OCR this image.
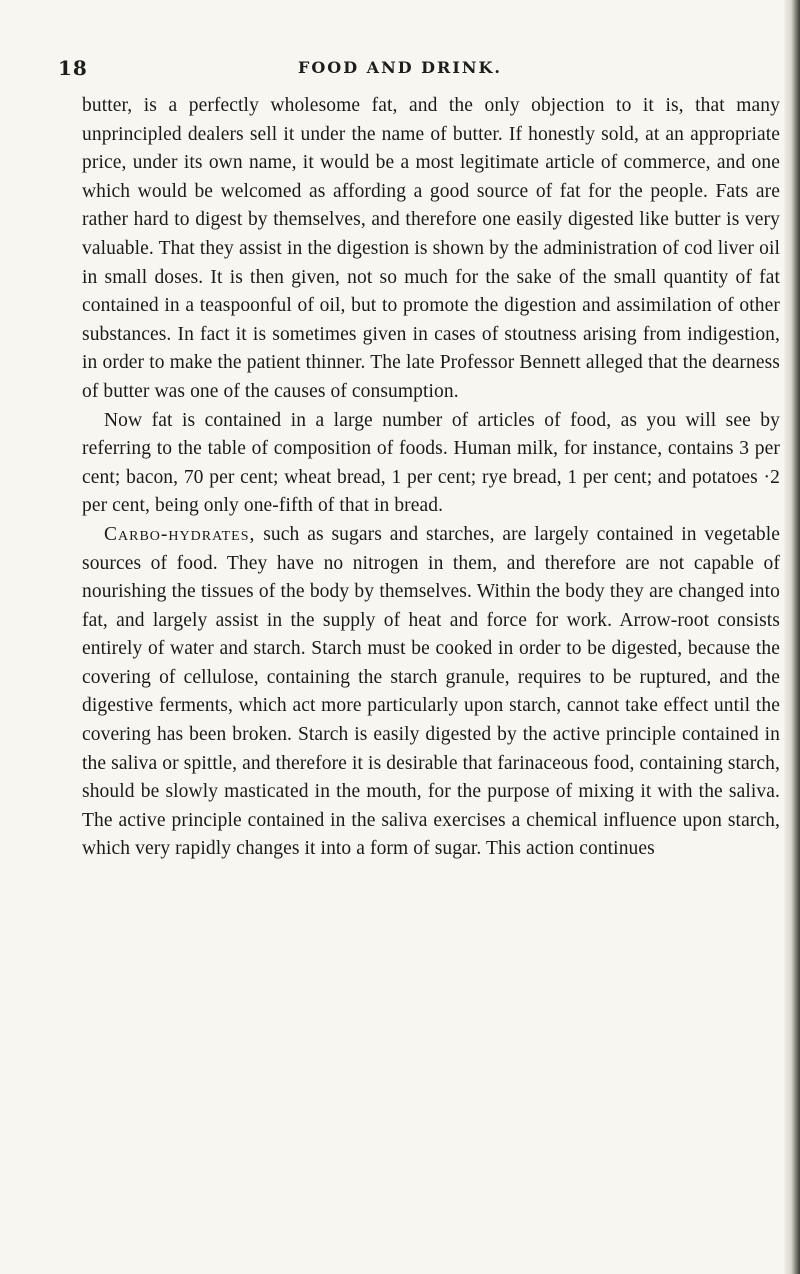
18	FOOD AND DRINK.

butter, is a perfectly wholesome fat, and the only objection to it is, that many unprincipled dealers sell it under the name of butter. If honestly sold, at an appropriate price, under its own name, it would be a most legitimate article of commerce, and one which would be welcomed as affording a good source of fat for the people. Fats are rather hard to digest by themselves, and therefore one easily digested like butter is very valuable. That they assist in the digestion is shown by the administration of cod liver oil in small doses. It is then given, not so much for the sake of the small quantity of fat contained in a teaspoonful of oil, but to promote the digestion and assimilation of other substances. In fact it is sometimes given in cases of stoutness arising from indigestion, in order to make the patient thinner. The late Professor Bennett alleged that the dearness of butter was one of the causes of consumption.

Now fat is contained in a large number of articles of food, as you will see by referring to the table of composition of foods. Human milk, for instance, contains 3 per cent; bacon, 70 per cent; wheat bread, 1 per cent; rye bread, 1 per cent; and potatoes ·2 per cent, being only one-fifth of that in bread.

Carbo-hydrates, such as sugars and starches, are largely contained in vegetable sources of food. They have no nitrogen in them, and therefore are not capable of nourishing the tissues of the body by themselves. Within the body they are changed into fat, and largely assist in the supply of heat and force for work. Arrow-root consists entirely of water and starch. Starch must be cooked in order to be digested, because the covering of cellulose, containing the starch granule, requires to be ruptured, and the digestive ferments, which act more particularly upon starch, cannot take effect until the covering has been broken. Starch is easily digested by the active principle contained in the saliva or spittle, and therefore it is desirable that farinaceous food, containing starch, should be slowly masticated in the mouth, for the purpose of mixing it with the saliva. The active principle contained in the saliva exercises a chemical influence upon starch, which very rapidly changes it into a form of sugar. This action continues
